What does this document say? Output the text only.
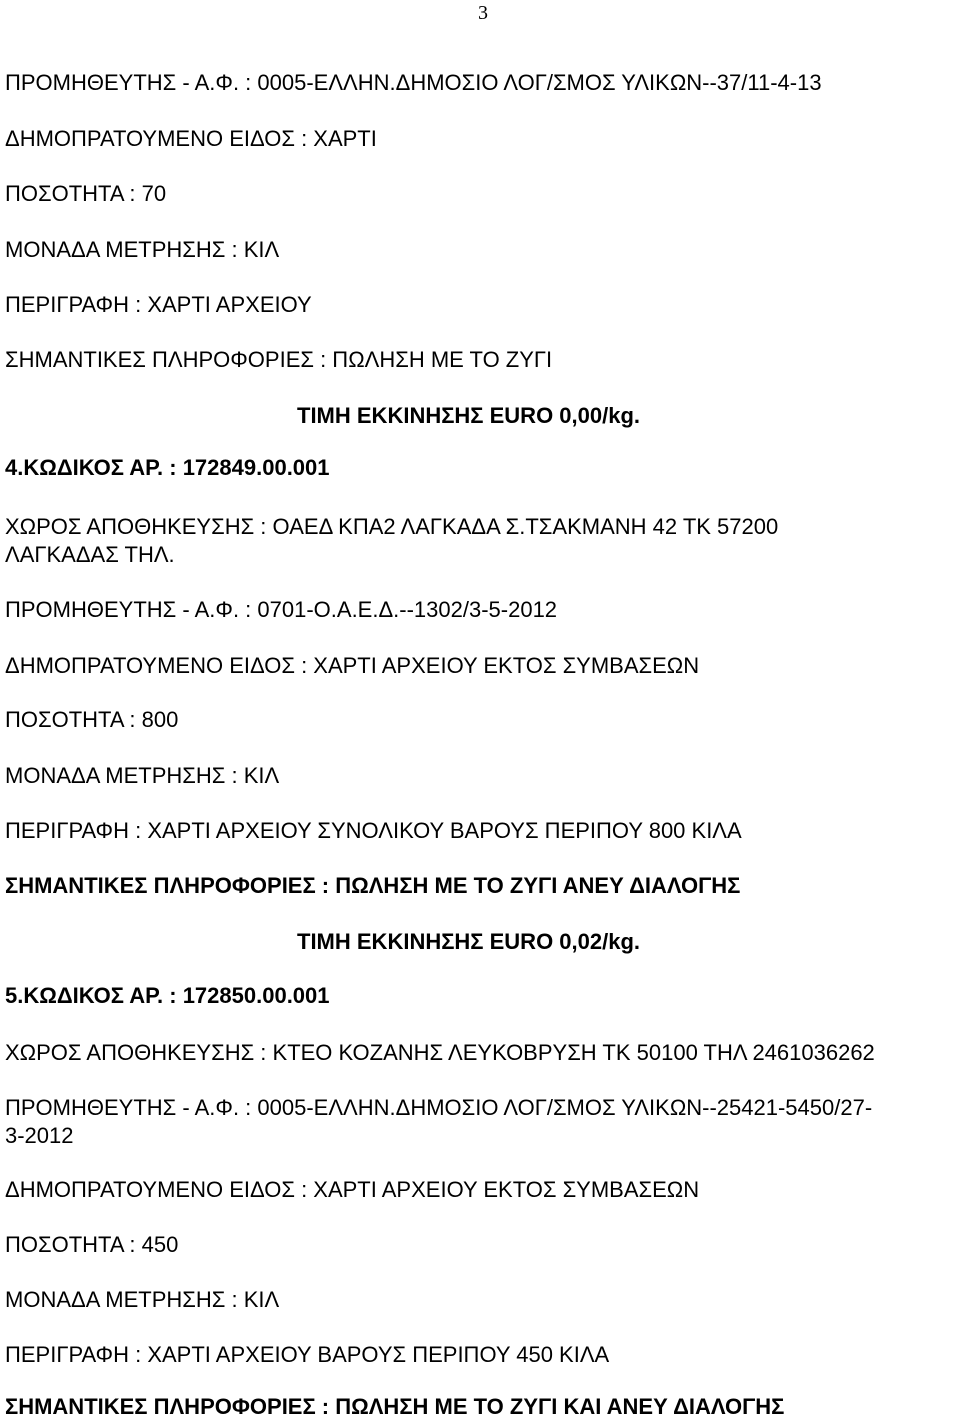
3
ΠΡΟΜΗΘΕΥΤΗΣ - Α.Φ. : 0005-ΕΛΛΗΝ.ΔΗΜΟΣΙΟ ΛΟΓ/ΣΜΟΣ ΥΛΙΚΩΝ--37/11-4-13
ΔΗΜΟΠΡΑΤΟΥΜΕΝΟ ΕΙΔΟΣ : ΧΑΡΤΙ
ΠΟΣΟΤΗΤΑ : 70
ΜΟΝΑΔΑ ΜΕΤΡΗΣΗΣ : ΚΙΛ
ΠΕΡΙΓΡΑΦΗ : ΧΑΡΤΙ ΑΡΧΕΙΟΥ
ΣΗΜΑΝΤΙΚΕΣ ΠΛΗΡΟΦΟΡΙΕΣ : ΠΩΛΗΣΗ ΜΕ ΤΟ ΖΥΓΙ
ΤΙΜΗ ΕΚΚΙΝΗΣΗΣ EURO 0,00/kg.
4.ΚΩΔΙΚΟΣ ΑΡ. : 172849.00.001
ΧΩΡΟΣ ΑΠΟΘΗΚΕΥΣΗΣ : ΟΑΕΔ ΚΠΑ2 ΛΑΓΚΑΔΑ Σ.ΤΣΑΚΜΑΝΗ 42 ΤΚ 57200
ΛΑΓΚΑΔΑΣ ΤΗΛ.
ΠΡΟΜΗΘΕΥΤΗΣ - Α.Φ. : 0701-Ο.Α.Ε.Δ.--1302/3-5-2012
ΔΗΜΟΠΡΑΤΟΥΜΕΝΟ ΕΙΔΟΣ : ΧΑΡΤΙ ΑΡΧΕΙΟΥ ΕΚΤΟΣ ΣΥΜΒΑΣΕΩΝ
ΠΟΣΟΤΗΤΑ : 800
ΜΟΝΑΔΑ ΜΕΤΡΗΣΗΣ : ΚΙΛ
ΠΕΡΙΓΡΑΦΗ : ΧΑΡΤΙ ΑΡΧΕΙΟΥ ΣΥΝΟΛΙΚΟΥ ΒΑΡΟΥΣ ΠΕΡΙΠΟΥ 800 ΚΙΛΑ
ΣΗΜΑΝΤΙΚΕΣ ΠΛΗΡΟΦΟΡΙΕΣ : ΠΩΛΗΣΗ ΜΕ ΤΟ ΖΥΓΙ ΑΝΕΥ ΔΙΑΛΟΓΗΣ
ΤΙΜΗ ΕΚΚΙΝΗΣΗΣ EURO 0,02/kg.
5.ΚΩΔΙΚΟΣ ΑΡ. : 172850.00.001
ΧΩΡΟΣ ΑΠΟΘΗΚΕΥΣΗΣ : ΚΤΕΟ ΚΟΖΑΝΗΣ ΛΕΥΚΟΒΡΥΣΗ ΤΚ 50100 ΤΗΛ 2461036262
ΠΡΟΜΗΘΕΥΤΗΣ - Α.Φ. : 0005-ΕΛΛΗΝ.ΔΗΜΟΣΙΟ ΛΟΓ/ΣΜΟΣ ΥΛΙΚΩΝ--25421-5450/27-
3-2012
ΔΗΜΟΠΡΑΤΟΥΜΕΝΟ ΕΙΔΟΣ : ΧΑΡΤΙ ΑΡΧΕΙΟΥ ΕΚΤΟΣ ΣΥΜΒΑΣΕΩΝ
ΠΟΣΟΤΗΤΑ : 450
ΜΟΝΑΔΑ ΜΕΤΡΗΣΗΣ : ΚΙΛ
ΠΕΡΙΓΡΑΦΗ : ΧΑΡΤΙ ΑΡΧΕΙΟΥ ΒΑΡΟΥΣ ΠΕΡΙΠΟΥ 450 ΚΙΛΑ
ΣΗΜΑΝΤΙΚΕΣ ΠΛΗΡΟΦΟΡΙΕΣ : ΠΩΛΗΣΗ ΜΕ ΤΟ ΖΥΓΙ ΚΑΙ ΑΝΕΥ ΔΙΑΛΟΓΗΣ
